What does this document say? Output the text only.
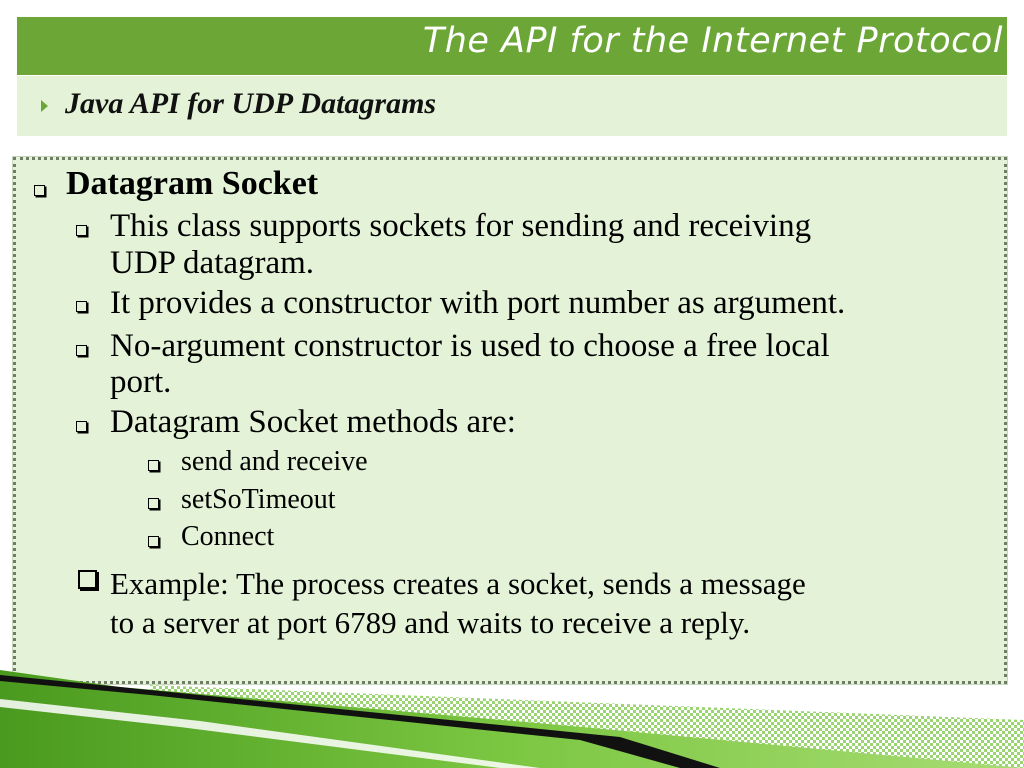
The API for the Internet Protocol
Java API for UDP Datagrams
Datagram Socket
This class supports sockets for sending and receiving
UDP datagram.
It provides a constructor with port number as argument.
No-argument constructor is used to choose a free local
port.
Datagram Socket methods are:
send and receive
setSoTimeout
Connect
Example: The process creates a socket, sends a message
to a server at port 6789 and waits to receive a reply.
